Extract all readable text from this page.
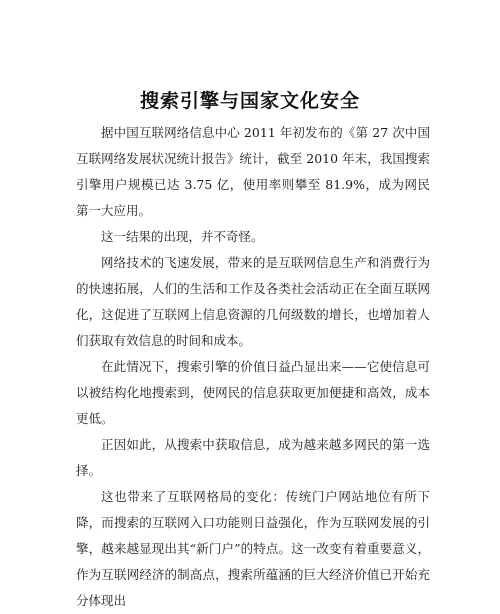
搜索引擎与国家文化安全

据中国互联网络信息中心 2011 年初发布的《第 27 次中国互联网络发展状况统计报告》统计，截至 2010 年末，我国搜索引擎用户规模已达 3.75 亿，使用率则攀至 81.9%，成为网民第一大应用。

这一结果的出现，并不奇怪。

网络技术的飞速发展，带来的是互联网信息生产和消费行为的快速拓展，人们的生活和工作及各类社会活动正在全面互联网化，这促进了互联网上信息资源的几何级数的增长，也增加着人们获取有效信息的时间和成本。

在此情况下，搜索引擎的价值日益凸显出来——它使信息可以被结构化地搜索到，使网民的信息获取更加便捷和高效，成本更低。

正因如此，从搜索中获取信息，成为越来越多网民的第一选择。

这也带来了互联网格局的变化：传统门户网站地位有所下降，而搜索的互联网入口功能则日益强化，作为互联网发展的引擎，越来越显现出其“新门户”的特点。这一改变有着重要意义，作为互联网经济的制高点，搜索所蕴涵的巨大经济价值已开始充分体现出
